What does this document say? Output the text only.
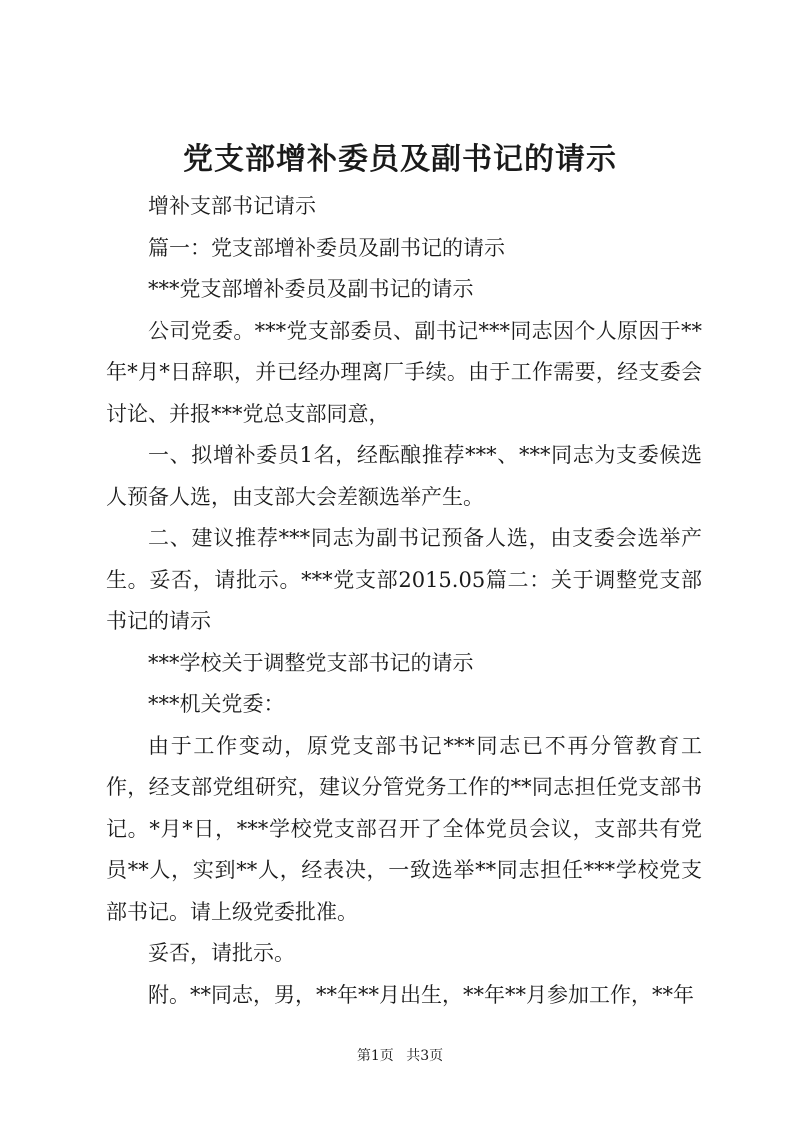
党支部增补委员及副书记的请示

增补支部书记请示

篇一：党支部增补委员及副书记的请示

***党支部增补委员及副书记的请示

公司党委。***党支部委员、副书记***同志因个人原因于**年*月*日辞职，并已经办理离厂手续。由于工作需要，经支委会讨论、并报***党总支部同意，

一、拟增补委员1名，经酝酿推荐***、***同志为支委候选人预备人选，由支部大会差额选举产生。

二、建议推荐***同志为副书记预备人选，由支委会选举产生。妥否，请批示。***党支部2015.05篇二：关于调整党支部书记的请示

***学校关于调整党支部书记的请示

***机关党委：

由于工作变动，原党支部书记***同志已不再分管教育工作，经支部党组研究，建议分管党务工作的**同志担任党支部书记。*月*日，***学校党支部召开了全体党员会议，支部共有党员**人，实到**人，经表决，一致选举**同志担任***学校党支部书记。请上级党委批准。

妥否，请批示。

附。**同志，男，**年**月出生，**年**月参加工作，**年

第1页 共3页
